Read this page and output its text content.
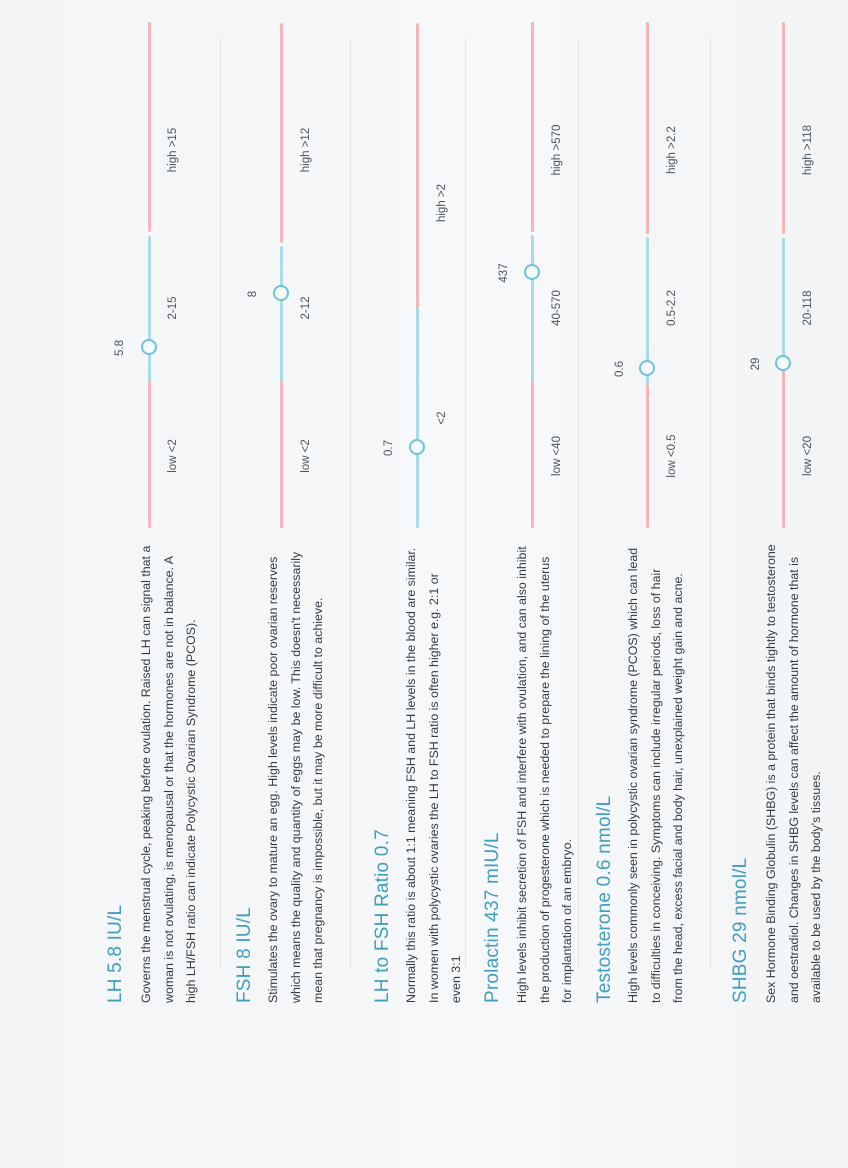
LH 5.8 IU/L	Governs the menstrual cycle, peaking before ovulation. Raised LH can signal that a woman is not ovulating, is menopausal or that the hormones are not in balance. A high LH/FSH ratio can indicate Polycystic Ovarian Syndrome (PCOS).
5.8
low <2
2-15
high >15
FSH 8 IU/L Stimulates the ovary to mature an egg. High levels indicate poor ovarian reserves which means the quality and quantity of eggs may be low. This doesn't necessarily mean that pregnancy is impossible, but it may be more difficult to achieve.
8
low <2
2-12
high >12
LH to FSH Ratio 0.7 Normally this ratio is about 1:1 meaning FSH and LH levels in the blood are similar. In women with polycystic ovaries the LH to FSH ratio is often higher e.g. 2:1 or even 3:1
0.7
<2
high >2
Prolactin 437 mIU/L High levels inhibit secretion of FSH and interfere with ovulation, and can also inhibit the production of progesterone which is needed to prepare the lining of the uterus for implantation of an embryo.
437
low <40
40-570
high >570
Testosterone 0.6 nmol/L High levels commonly seen in polycystic ovarian syndrome (PCOS) which can lead to difficulties in conceiving. Symptoms can include irregular periods, loss of hair from the head, excess facial and body hair, unexplained weight gain and acne.
0.6
low <0.5
0.5-2.2
high >2.2
SHBG 29 nmol/L	Sex Hormone Binding Globulin (SHBG) is a protein that binds tightly to testosterone and oestradiol. Changes in SHBG levels can affect the amount of hormone that is available to be used by the body's tissues.
29
low <20
20-118
high >118
